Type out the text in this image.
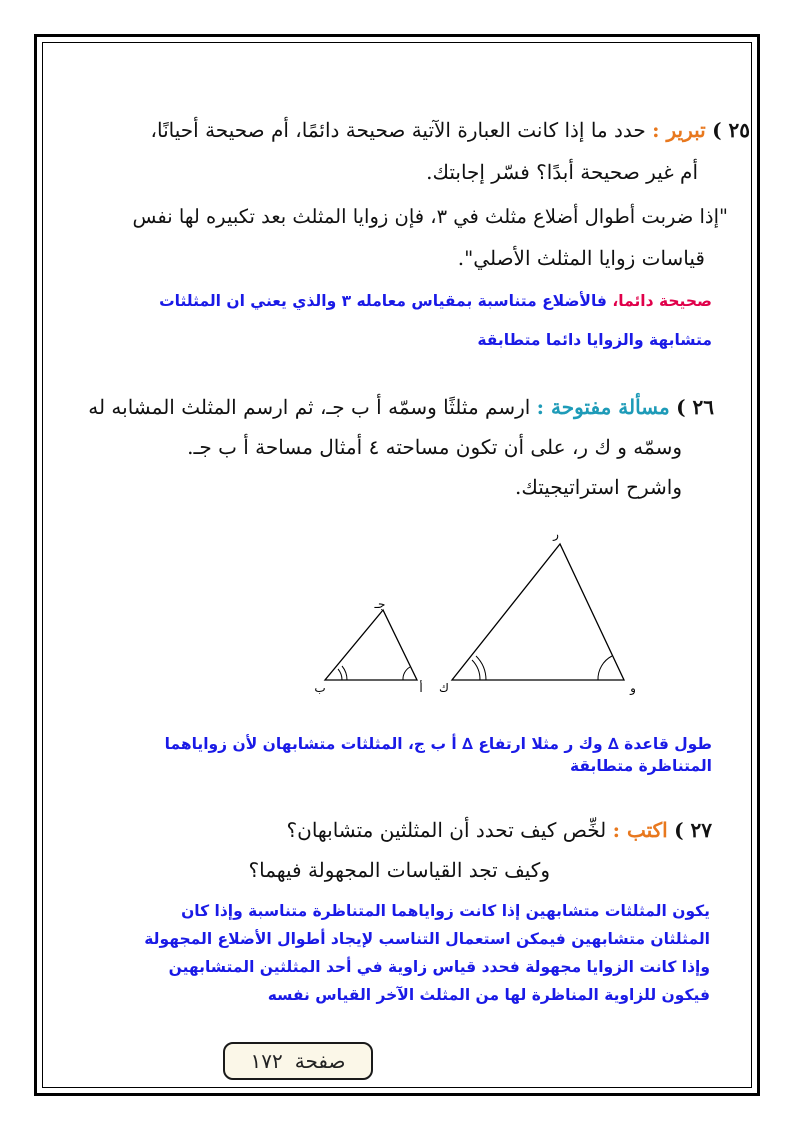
٢٥ ) تبرير : حدد ما إذا كانت العبارة الآتية صحيحة دائمًا، أم صحيحة أحيانًا،
أم غير صحيحة أبدًا؟ فسّر إجابتك.
"إذا ضربت أطوال أضلاع مثلث في ٣، فإن زوايا المثلث بعد تكبيره لها نفس
قياسات زوايا المثلث الأصلي".
صحيحة دائما، فالأضلاع متناسبة بمقياس معامله ٣ والذي يعني ان المثلثات
متشابهة والزوايا دائما متطابقة
٢٦ ) مسألة مفتوحة : ارسم مثلثًا وسمّه أ ب جـ، ثم ارسم المثلث المشابه له
وسمّه و ك ر، على أن تكون مساحته ٤ أمثال مساحة أ ب جـ.
واشرح استراتيجيتك.
جـ
ب	أ
ر
ك	و
طول قاعدة ∆ وك ر مثلا ارتفاع ∆ أ ب ج، المثلثات متشابهان لأن زواياهما
المتناظرة متطابقة
٢٧ ) اكتب : لخِّص كيف تحدد أن المثلثين متشابهان؟
وكيف تجد القياسات المجهولة فيهما؟
يكون المثلثات متشابهين إذا كانت زواياهما المتناظرة متناسبة وإذا كان
المثلثان متشابهين فيمكن استعمال التناسب لإيجاد أطوال الأضلاع المجهولة
وإذا كانت الزوايا مجهولة فحدد قياس زاوية في أحد المثلثين المتشابهين
فيكون للزاوية المناظرة لها من المثلث الآخر القياس نفسه
صفحة
١٧٢
